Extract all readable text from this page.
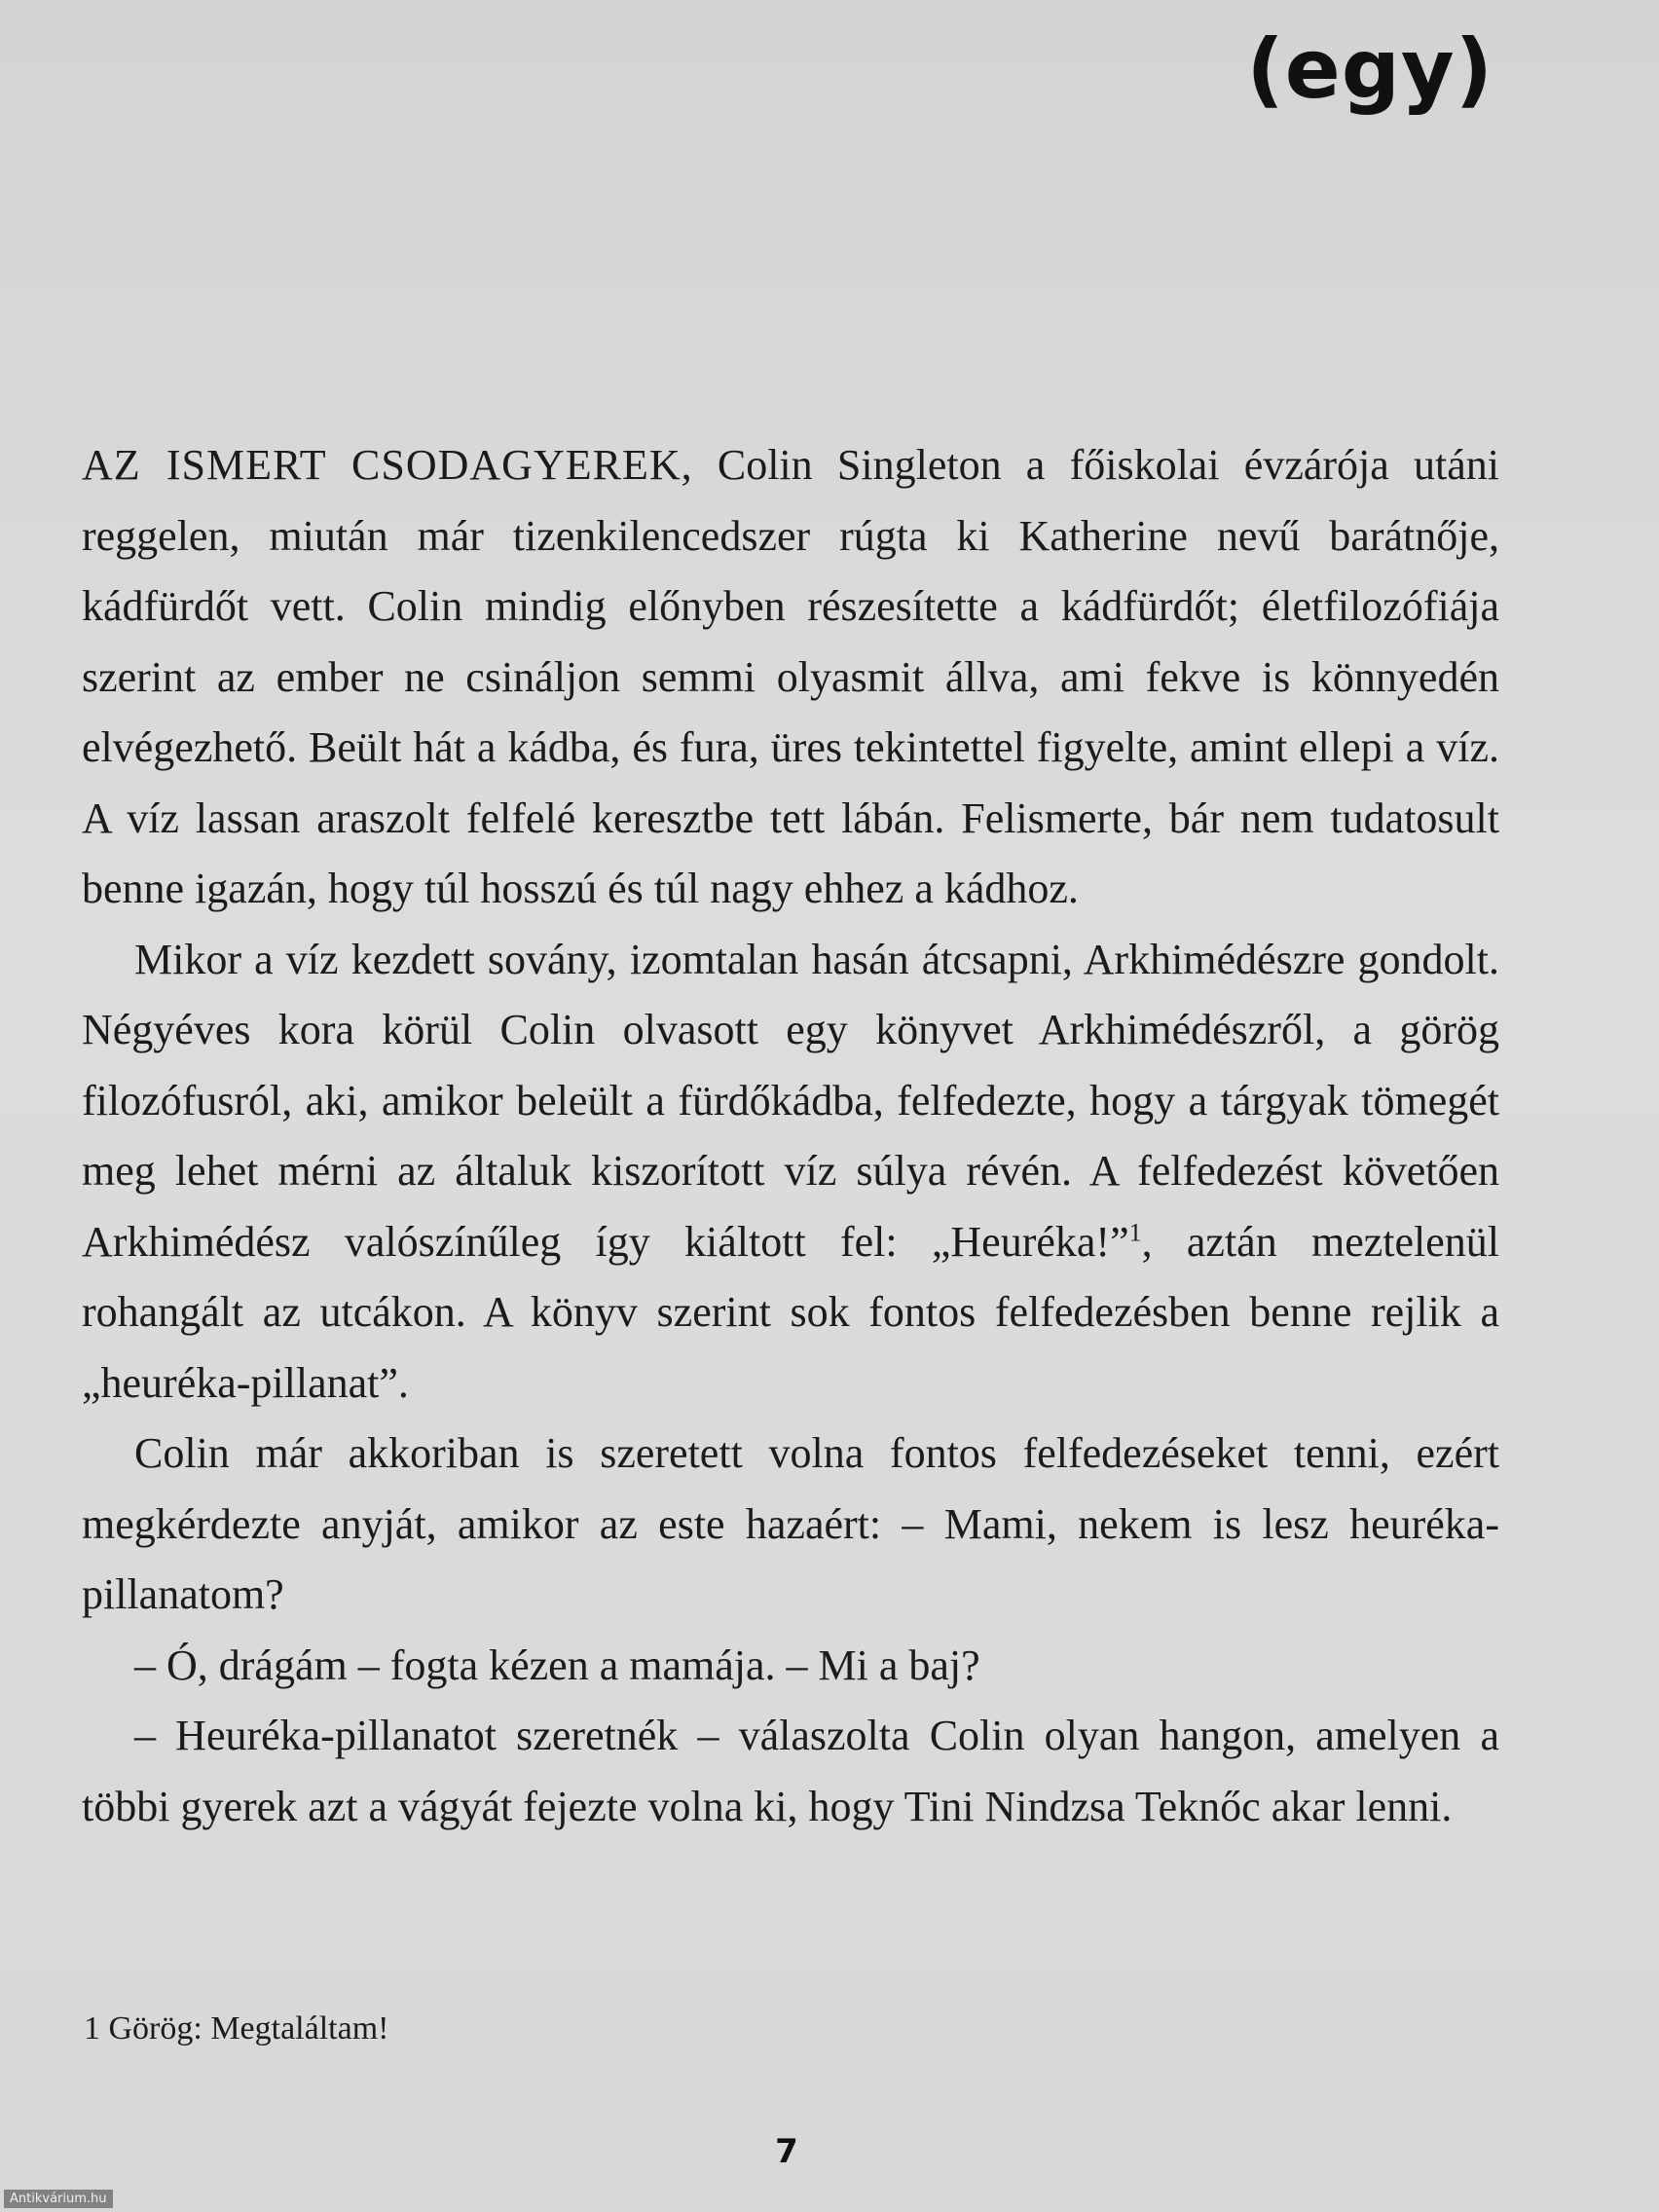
(egy)

AZ ISMERT CSODAGYEREK, Colin Singleton a főiskolai évzárója utáni reggelen, miután már tizenkilencedszer rúgta ki Katherine nevű barátnője, kádfürdőt vett. Colin mindig előnyben részesítette a kádfürdőt; életfilozófiája szerint az ember ne csináljon semmi olyasmit állva, ami fekve is könnyedén elvégezhető. Beült hát a kádba, és fura, üres tekintettel figyelte, amint ellepi a víz. A víz lassan araszolt felfelé keresztbe tett lábán. Felismerte, bár nem tudatosult benne igazán, hogy túl hosszú és túl nagy ehhez a kádhoz.

Mikor a víz kezdett sovány, izomtalan hasán átcsapni, Arkhimédészre gondolt. Négyéves kora körül Colin olvasott egy könyvet Arkhimédészről, a görög filozófusról, aki, amikor beleült a fürdőkádba, felfedezte, hogy a tárgyak tömegét meg lehet mérni az általuk kiszorított víz súlya révén. A felfedezést követően Arkhimédész valószínűleg így kiáltott fel: „Heuréka!”$^1$, aztán meztelenül rohangált az utcákon. A könyv szerint sok fontos felfedezésben benne rejlik a „heuréka-pillanat”.

Colin már akkoriban is szeretett volna fontos felfedezéseket tenni, ezért megkérdezte anyját, amikor az este hazaért: – Mami, nekem is lesz heuréka-pillanatom?

– Ó, drágám – fogta kézen a mamája. – Mi a baj?

– Heuréka-pillanatot szeretnék – válaszolta Colin olyan hangon, amelyen a többi gyerek azt a vágyát fejezte volna ki, hogy Tini Nindzsa Teknőc akar lenni.

1 Görög: Megtaláltam!

7

Antikvárium.hu
